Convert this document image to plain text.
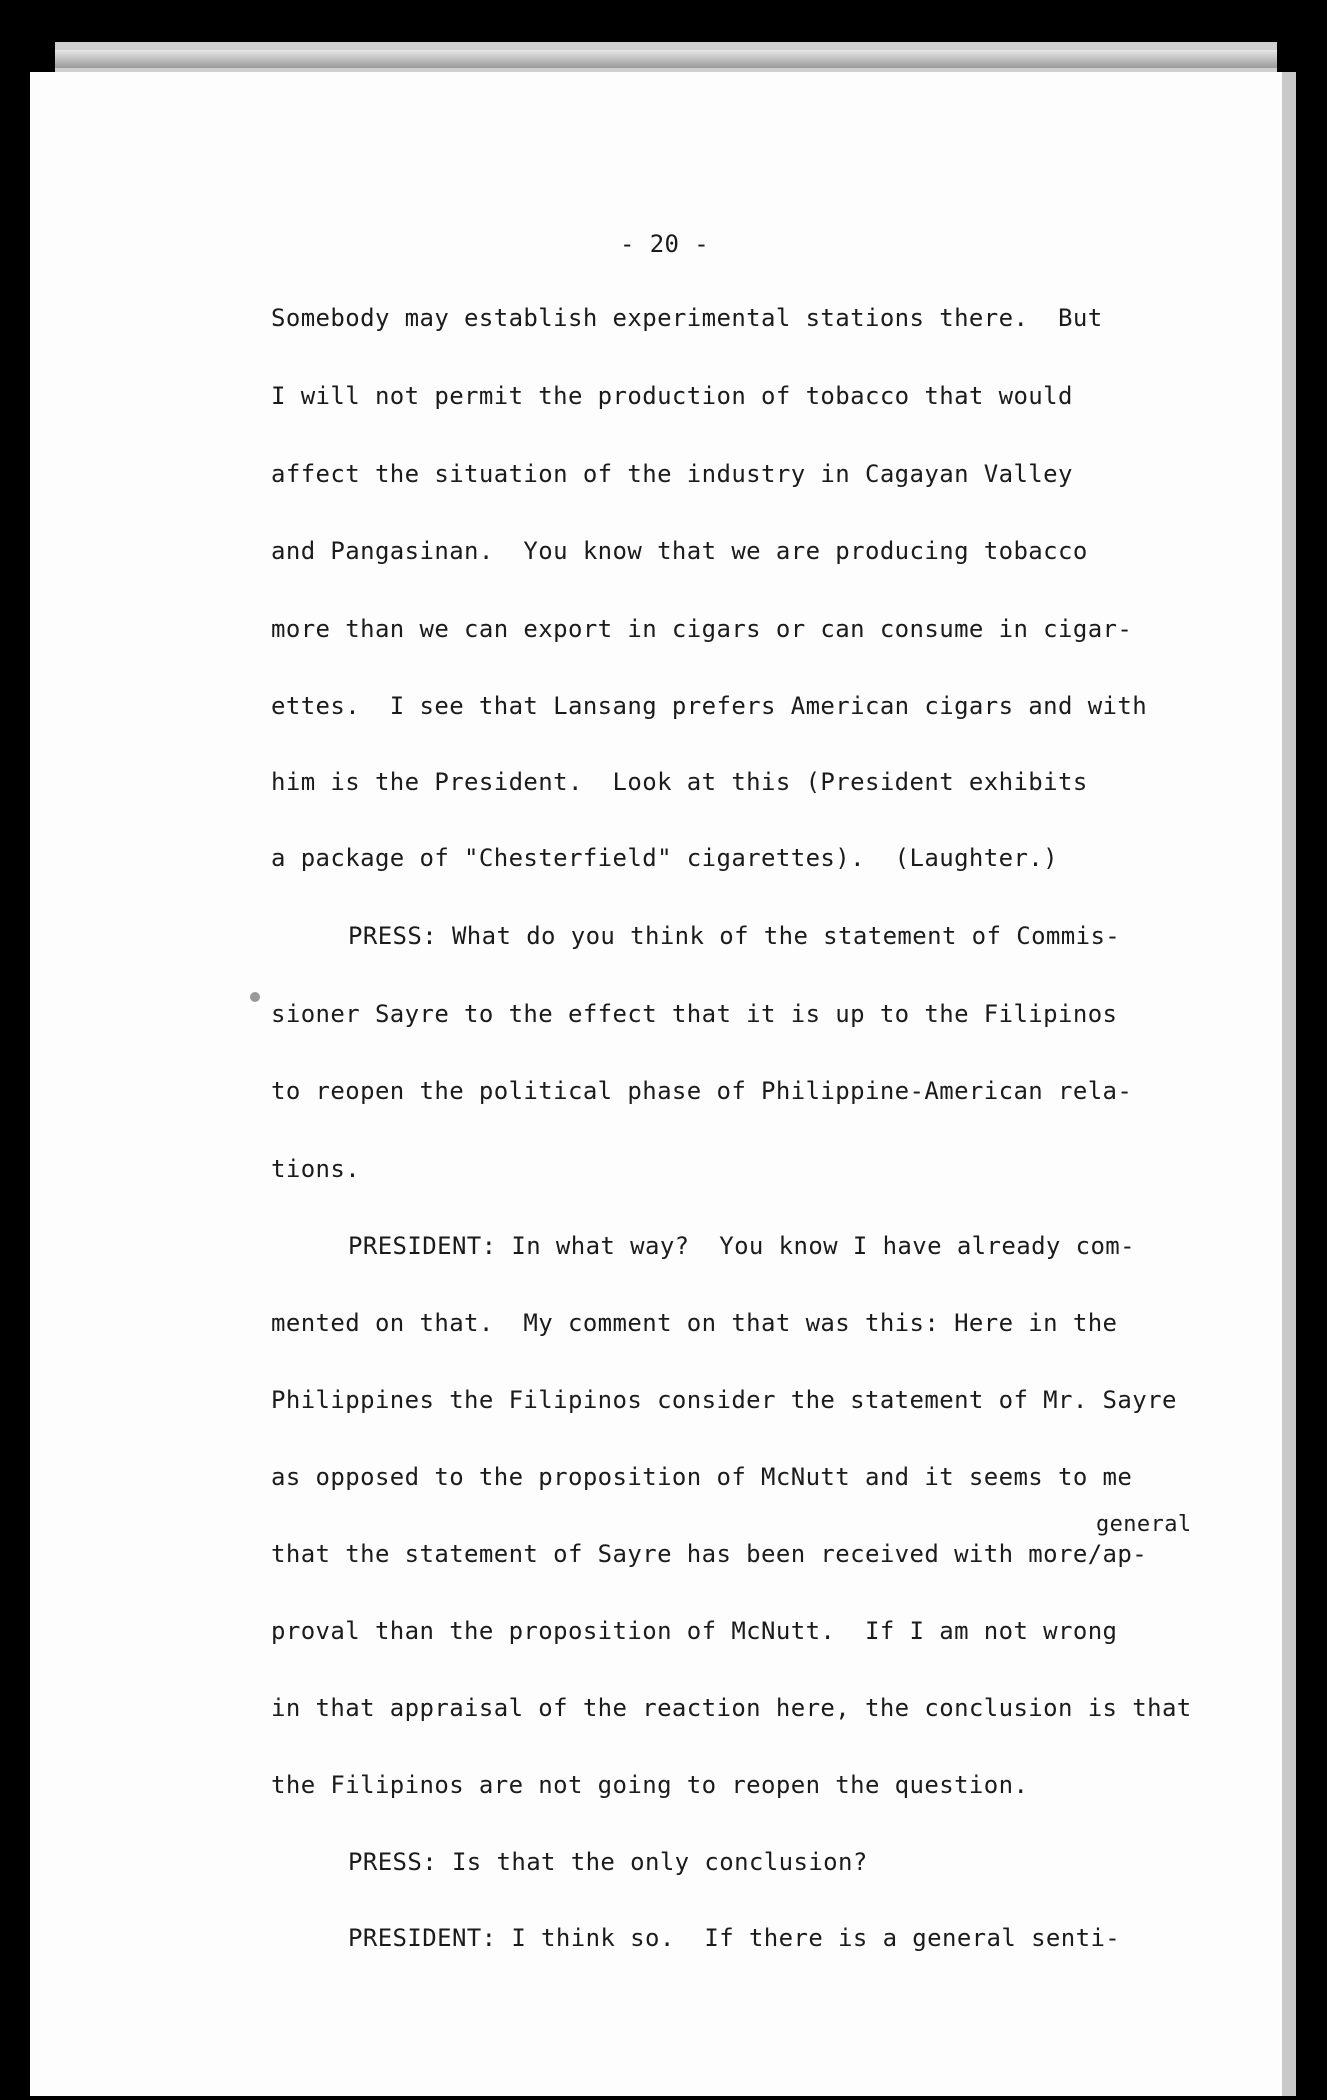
- 20 -
Somebody may establish experimental stations there.  But
I will not permit the production of tobacco that would
affect the situation of the industry in Cagayan Valley
and Pangasinan.  You know that we are producing tobacco
more than we can export in cigars or can consume in cigar-
ettes.  I see that Lansang prefers American cigars and with
him is the President.  Look at this (President exhibits
a package of "Chesterfield" cigarettes).  (Laughter.)
PRESS: What do you think of the statement of Commis-
sioner Sayre to the effect that it is up to the Filipinos
to reopen the political phase of Philippine-American rela-
tions.
PRESIDENT: In what way?  You know I have already com-
mented on that.  My comment on that was this: Here in the
Philippines the Filipinos consider the statement of Mr. Sayre
as opposed to the proposition of McNutt and it seems to me
general
that the statement of Sayre has been received with more/ap-
proval than the proposition of McNutt.  If I am not wrong
in that appraisal of the reaction here, the conclusion is that
the Filipinos are not going to reopen the question.
PRESS: Is that the only conclusion?
PRESIDENT: I think so.  If there is a general senti-
